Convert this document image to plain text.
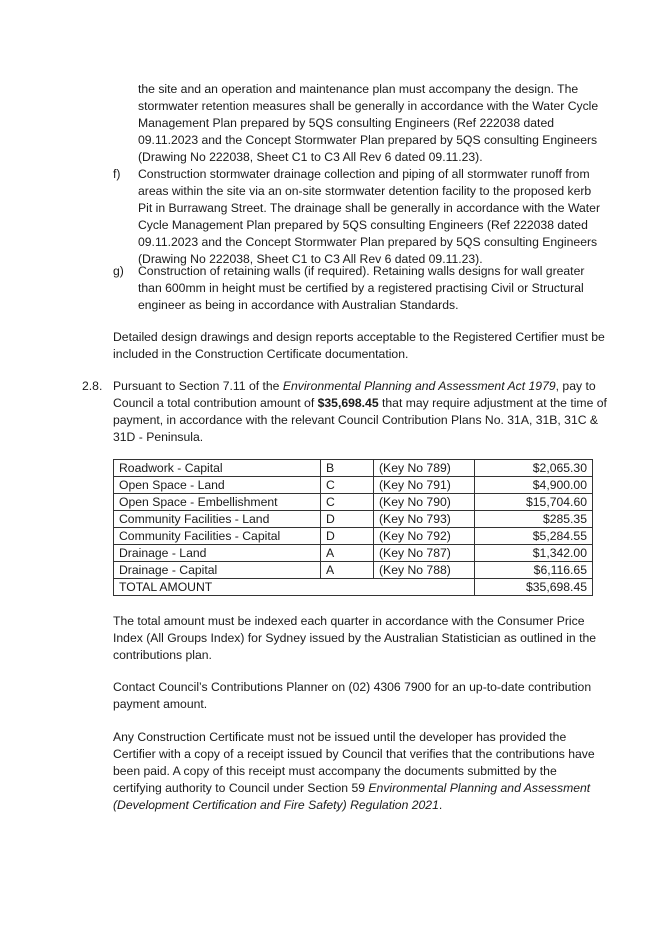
the site and an operation and maintenance plan must accompany the design. The stormwater retention measures shall be generally in accordance with the Water Cycle Management Plan prepared by 5QS consulting Engineers (Ref 222038 dated 09.11.2023 and the Concept Stormwater Plan prepared by 5QS consulting Engineers (Drawing No 222038, Sheet C1 to C3 All Rev 6 dated 09.11.23).

f) Construction stormwater drainage collection and piping of all stormwater runoff from areas within the site via an on-site stormwater detention facility to the proposed kerb Pit in Burrawang Street. The drainage shall be generally in accordance with the Water Cycle Management Plan prepared by 5QS consulting Engineers (Ref 222038 dated 09.11.2023 and the Concept Stormwater Plan prepared by 5QS consulting Engineers (Drawing No 222038, Sheet C1 to C3 All Rev 6 dated 09.11.23).

g) Construction of retaining walls (if required). Retaining walls designs for wall greater than 600mm in height must be certified by a registered practising Civil or Structural engineer as being in accordance with Australian Standards.

Detailed design drawings and design reports acceptable to the Registered Certifier must be included in the Construction Certificate documentation.

2.8. Pursuant to Section 7.11 of the Environmental Planning and Assessment Act 1979, pay to Council a total contribution amount of $35,698.45 that may require adjustment at the time of payment, in accordance with the relevant Council Contribution Plans No. 31A, 31B, 31C & 31D - Peninsula.

Roadwork - Capital	B	(Key No 789)	$2,065.30
Open Space - Land	C	(Key No 791)	$4,900.00
Open Space - Embellishment	C	(Key No 790)	$15,704.60
Community Facilities - Land	D	(Key No 793)	$285.35
Community Facilities - Capital	D	(Key No 792)	$5,284.55
Drainage - Land	A	(Key No 787)	$1,342.00
Drainage - Capital	A	(Key No 788)	$6,116.65
TOTAL AMOUNT			$35,698.45

The total amount must be indexed each quarter in accordance with the Consumer Price Index (All Groups Index) for Sydney issued by the Australian Statistician as outlined in the contributions plan.

Contact Council’s Contributions Planner on (02) 4306 7900 for an up-to-date contribution payment amount.

Any Construction Certificate must not be issued until the developer has provided the Certifier with a copy of a receipt issued by Council that verifies that the contributions have been paid. A copy of this receipt must accompany the documents submitted by the certifying authority to Council under Section 59 Environmental Planning and Assessment (Development Certification and Fire Safety) Regulation 2021.
